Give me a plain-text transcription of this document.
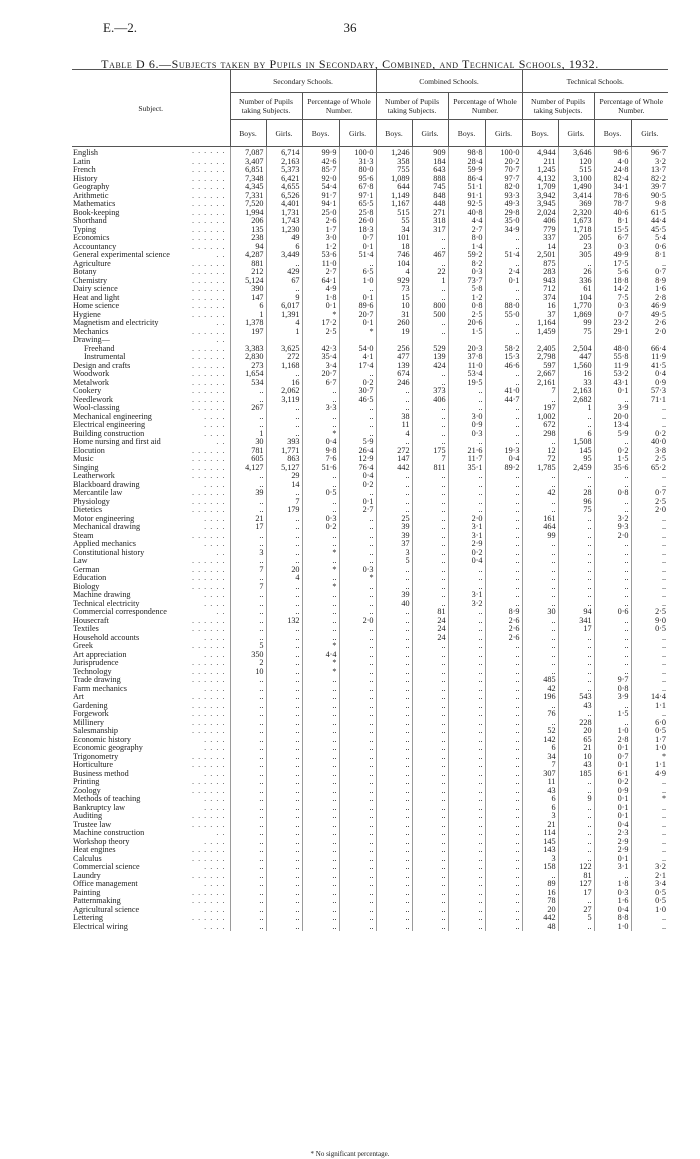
E.—2.	36
Table D 6.—Subjects taken by Pupils in Secondary, Combined, and Technical Schools, 1932.
Subject.	Secondary Schools.				Combined Schools.				Technical Schools.			
	Number of Pupils taking Subjects.		Percentage of Whole Number.		Number of Pupils taking Subjects.		Percentage of Whole Number.		Number of Pupils taking Subjects.		Percentage of Whole Number.	
	Boys.	Girls.	Boys.	Girls.	Boys.	Girls.	Boys.	Girls.	Boys.	Girls.	Boys.	Girls.
English . . . . . .	7,087	6,714	99·9	100·0	1,246	909	98·8	100·0	4,944	3,646	98·6	96·7
Latin . . . . . .	3,407	2,163	42·6	31·3	358	184	28·4	20·2	211	120	4·0	3·2
French . . . . . .	6,851	5,373	85·7	80·0	755	643	59·9	70·7	1,245	515	24·8	13·7
History . . . . . .	7,348	6,421	92·0	95·6	1,089	888	86·4	97·7	4,132	3,100	82·4	82·2
Geography . . . . . .	4,345	4,655	54·4	67·8	644	745	51·1	82·0	1,709	1,490	34·1	39·7
Arithmetic . . . . . .	7,331	6,526	91·7	97·1	1,149	848	91·1	93·3	3,942	3,414	78·6	90·5
Mathematics . . . . . .	7,520	4,401	94·1	65·5	1,167	448	92·5	49·3	3,945	369	78·7	9·8
Book-keeping . . . . . .	1,994	1,731	25·0	25·8	515	271	40·8	29·8	2,024	2,320	40·6	61·5
Shorthand . . . . . .	206	1,743	2·6	26·0	55	318	4·4	35·0	406	1,673	8·1	44·4
Typing . . . . . .	135	1,230	1·7	18·3	34	317	2·7	34·9	779	1,718	15·5	45·5
Economics . . . . . .	238	49	3·0	0·7	101	..	8·0	..	337	205	6·7	5·4
Accountancy . . . . . .	94	6	1·2	0·1	18	..	1·4	..	14	23	0·3	0·6
General experimental science . .	4,287	3,449	53·6	51·4	746	467	59·2	51·4	2,501	305	49·9	8·1
Agriculture . . . . . .	881	..	11·0	..	104	..	8·2	..	875	..	17·5	..
Botany . . . . . .	212	429	2·7	6·5	4	22	0·3	2·4	283	26	5·6	0·7
Chemistry . . . . . .	5,124	67	64·1	1·0	929	1	73·7	0·1	943	336	18·8	8·9
Dairy science . . . . . .	390	..	4·9	..	73	..	5·8	..	712	61	14·2	1·6
Heat and light . . . . . .	147	9	1·8	0·1	15	..	1·2	..	374	104	7·5	2·8
Home science . . . . . .	6	6,017	0·1	89·6	10	800	0·8	88·0	16	1,770	0·3	46·9
Hygiene . . . . . .	1	1,391	*	20·7	31	500	2·5	55·0	37	1,869	0·7	49·5
Magnetism and electricity . .	1,378	4	17·2	0·1	260	..	20·6	..	1,164	99	23·2	2·6
Mechanics . . . . . .	197	1	2·5	*	19	..	1·5	..	1,459	75	29·1	2·0
Drawing— . .												

Freehand . . . . . .	3,383	3,625	42·3	54·0	256	529	20·3	58·2	2,405	2,504	48·0	66·4
Instrumental . . . . . .	2,830	272	35·4	4·1	477	139	37·8	15·3	2,798	447	55·8	11·9
Design and crafts . . . . . .	273	1,168	3·4	17·4	139	424	11·0	46·6	597	1,560	11·9	41·5
Woodwork . . . . . .	1,654	..	20·7	..	674	..	53·4	..	2,667	16	53·2	0·4
Metalwork . . . . . .	534	16	6·7	0·2	246	..	19·5	..	2,161	33	43·1	0·9
Cookery . . . . . .	..	2,062	..	30·7	..	373	..	41·0	7	2,163	0·1	57·3
Needlework . . . . . .	..	3,119	..	46·5	..	406	..	44·7	..	2,682	..	71·1
Wool-classing . . . . . .	267	..	3·3	..	..	..	..	..	197	1	3·9	..
Mechanical engineering . . . .	..	..	..	..	38	..	3·0	..	1,002	..	20·0	..
Electrical engineering . . . .	..	..	..	..	11	..	0·9	..	672	..	13·4	..
Building construction . . . .	1	..	*	..	4	..	0·3	..	298	6	5·9	0·2
Home nursing and first aid . .	30	393	0·4	5·9	..	..	..	..	..	1,508	..	40·0
Elocution . . . . . .	781	1,771	9·8	26·4	272	175	21·6	19·3	12	145	0·2	3·8
Music . . . . . .	605	863	7·6	12·9	147	7	11·7	0·4	72	95	1·5	2·5
Singing . . . . . .	4,127	5,127	51·6	76·4	442	811	35·1	89·2	1,785	2,459	35·6	65·2
Leatherwork . . . . . .	..	29	..	0·4	..	..	..	..	..	..	..	..
Blackboard drawing . . . .	..	14	..	0·2	..	..	..	..	..	..	..	..
Mercantile law . . . . . .	39	..	0·5	..	..	..	..	..	42	28	0·8	0·7
Physiology . . . . . .	..	7	..	0·1	..	..	..	..	..	96	..	2·5
Dietetics . . . . . .	..	179	..	2·7	..	..	..	..	..	75	..	2·0
Motor engineering . . . .	21	..	0·3	..	25	..	2·0	..	161	..	3·2	..
Mechanical drawing . . . .	17	..	0·2	..	39	..	3·1	..	464	..	9·3	..
Steam . . . . . .	..	..	..	..	39	..	3·1	..	99	..	2·0	..
Applied mechanics . . . .	..	..	..	..	37	..	2·9	..	..	..	..	..
Constitutional history . .	3	..	*	..	3	..	0·2	..	..	..	..	..
Law . . . . . .	..	..	..	..	5	..	0·4	..	..	..	..	..
German . . . . . .	7	20	*	0·3	..	..	..	..	..	..	..	..
Education . . . . . .	..	4	..	*	..	..	..	..	..	..	..	..
Biology . . . . . .	7	..	*	..	..	..	..	..	..	..	..	..
Machine drawing . . . .	..	..	..	..	39	..	3·1	..	..	..	..	..
Technical electricity . . . .	..	..	..	..	40	..	3·2	..	..	..	..	..
Commercial correspondence . .	..	..	..	..	..	81	..	8·9	30	94	0·6	2·5
Housecraft . . . . . .	..	132	..	2·0	..	24	..	2·6	..	341	..	9·0
Textiles . . . . . .	..	..	..	..	..	24	..	2·6	..	17	..	0·5
Household accounts . . . .	..	..	..	..	..	24	..	2·6	..	..	..	..
Greek . . . . . .	5	..	*	..	..	..	..	..	..	..	..	..
Art appreciation . . . .	350	..	4·4	..	..	..	..	..	..	..	..	..
Jurisprudence . . . . . .	2	..	*	..	..	..	..	..	..	..	..	..
Technology . . . . . .	10	..	*	..	..	..	..	..	..	..	..	..
Trade drawing . . . . . .	..	..	..	..	..	..	..	..	485	..	9·7	..
Farm mechanics . . . .	..	..	..	..	..	..	..	..	42	..	0·8	..
Art . . . . . .	..	..	..	..	..	..	..	..	196	543	3·9	14·4
Gardening . . . . . .	..	..	..	..	..	..	..	..	..	43	..	1·1
Forgework . . . . . .	..	..	..	..	..	..	..	..	76	..	1·5	..
Millinery . . . . . .	..	..	..	..	..	..	..	..	..	228	..	6·0
Salesmanship . . . . . .	..	..	..	..	..	..	..	..	52	20	1·0	0·5
Economic history . . . .	..	..	..	..	..	..	..	..	142	65	2·8	1·7
Economic geography . . . .	..	..	..	..	..	..	..	..	6	21	0·1	1·0
Trigonometry . . . . . .	..	..	..	..	..	..	..	..	34	10	0·7	*
Horticulture . . . . . .	..	..	..	..	..	..	..	..	7	43	0·1	1·1
Business method . . . .	..	..	..	..	..	..	..	..	307	185	6·1	4·9
Printing . . . . . .	..	..	..	..	..	..	..	..	11	..	0·2	..
Zoology . . . . . .	..	..	..	..	..	..	..	..	43	..	0·9	..
Methods of teaching . . . .	..	..	..	..	..	..	..	..	6	9	0·1	*
Bankruptcy law . . . .	..	..	..	..	..	..	..	..	6	..	0·1	..
Auditing . . . . . .	..	..	..	..	..	..	..	..	3	..	0·1	..
Trustee law . . . . . .	..	..	..	..	..	..	..	..	21	..	0·4	..
Machine construction . .	..	..	..	..	..	..	..	..	114	..	2·3	..
Workshop theory . . . .	..	..	..	..	..	..	..	..	145	..	2·9	..
Heat engines . . . . . .	..	..	..	..	..	..	..	..	143	..	2·9	..
Calculus . . . . . .	..	..	..	..	..	..	..	..	3	..	0·1	..
Commercial science . . . .	..	..	..	..	..	..	..	..	158	122	3·1	3·2
Laundry . . . . . .	..	..	..	..	..	..	..	..	..	81	..	2·1
Office management . . . .	..	..	..	..	..	..	..	..	89	127	1·8	3·4
Painting . . . . . .	..	..	..	..	..	..	..	..	16	17	0·3	0·5
Patternmaking . . . . . .	..	..	..	..	..	..	..	..	78	..	1·6	0·5
Agricultural science . . . .	..	..	..	..	..	..	..	..	20	27	0·4	1·0
Lettering . . . . . .	..	..	..	..	..	..	..	..	442	5	8·8	..
Electrical wiring . . . .	..	..	..	..	..	..	..	..	48	..	1·0	..
* No significant percentage.
